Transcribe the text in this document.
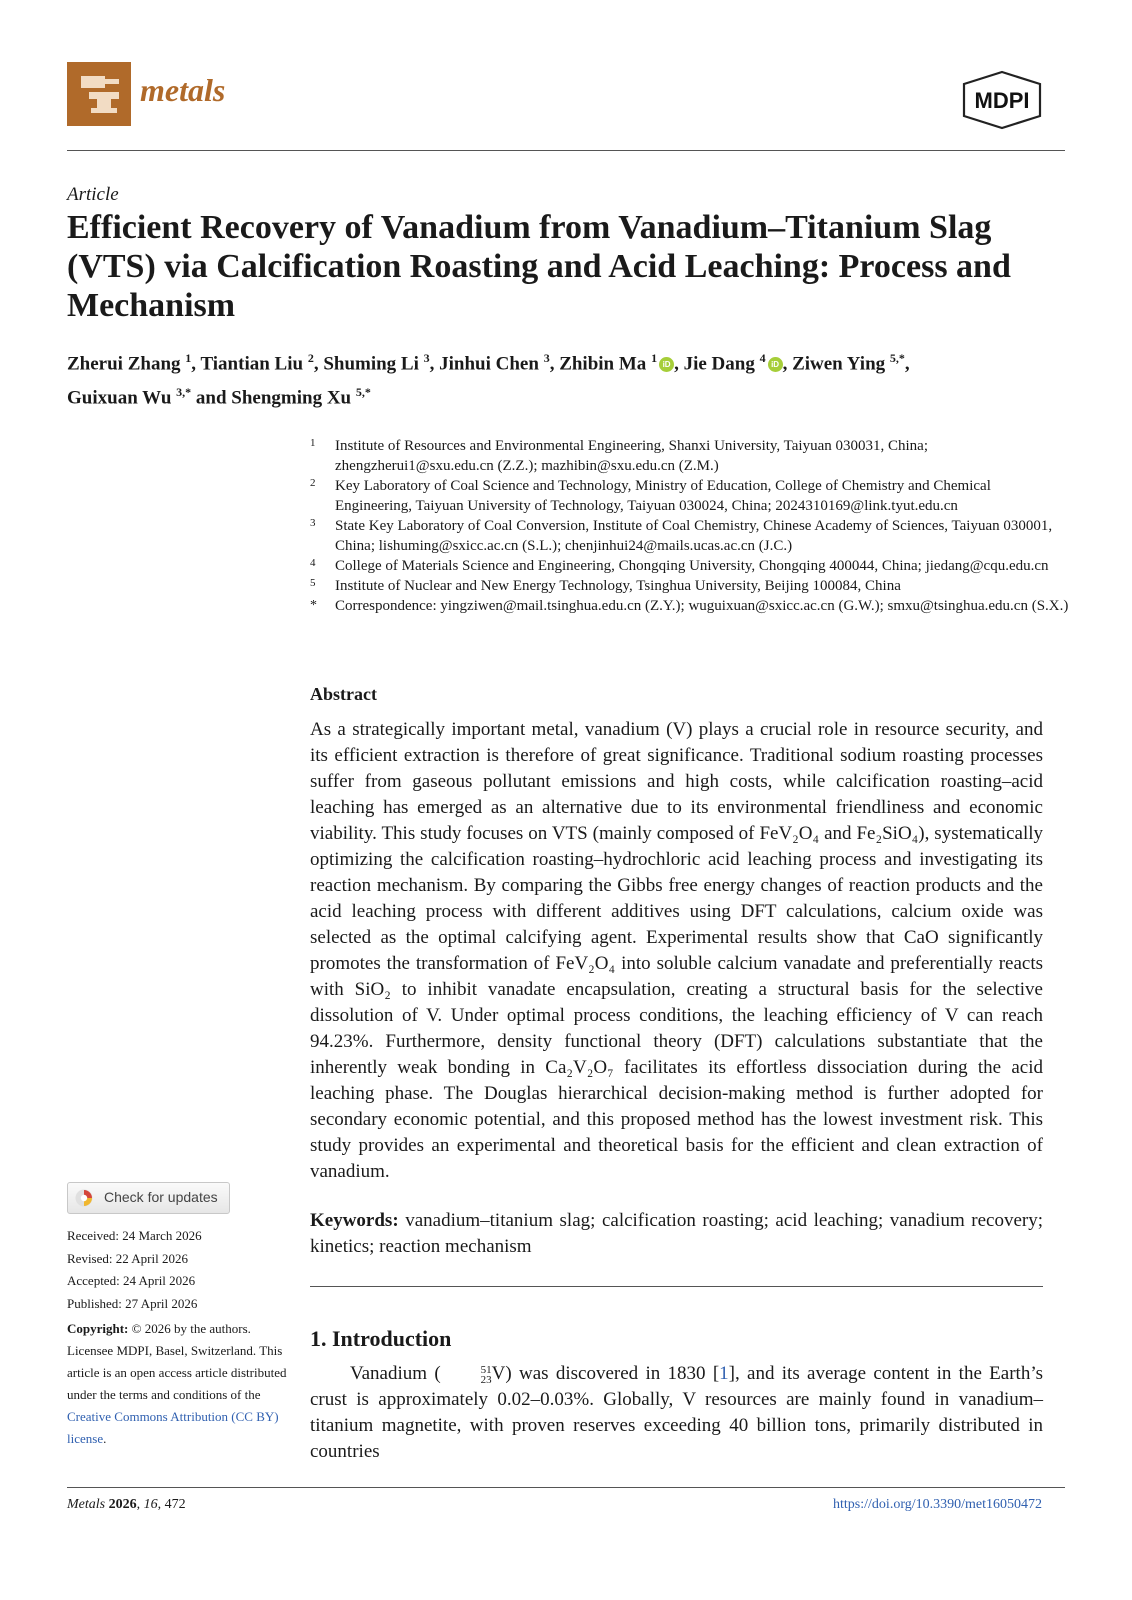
metals	MDPI
Article
Efficient Recovery of Vanadium from Vanadium–Titanium Slag (VTS) via Calcification Roasting and Acid Leaching: Process and Mechanism
Zherui Zhang $^1$, Tiantian Liu $^2$, Shuming Li $^3$, Jinhui Chen $^3$, Zhibin Ma $^1$ iD , Jie Dang $^4$ iD , Ziwen Ying $^{5,*}$,
Guixuan Wu $^{3,*}$ and Shengming Xu $^{5,*}$
1 Institute of Resources and Environmental Engineering, Shanxi University, Taiyuan 030031, China; zhengzherui1@sxu.edu.cn (Z.Z.); mazhibin@sxu.edu.cn (Z.M.)
2 Key Laboratory of Coal Science and Technology, Ministry of Education, College of Chemistry and Chemical Engineering, Taiyuan University of Technology, Taiyuan 030024, China; 2024310169@link.tyut.edu.cn
3 State Key Laboratory of Coal Conversion, Institute of Coal Chemistry, Chinese Academy of Sciences, Taiyuan 030001, China; lishuming@sxicc.ac.cn (S.L.); chenjinhui24@mails.ucas.ac.cn (J.C.)
4 College of Materials Science and Engineering, Chongqing University, Chongqing 400044, China; jiedang@cqu.edu.cn
5 Institute of Nuclear and New Energy Technology, Tsinghua University, Beijing 100084, China
* Correspondence: yingziwen@mail.tsinghua.edu.cn (Z.Y.); wuguixuan@sxicc.ac.cn (G.W.); smxu@tsinghua.edu.cn (S.X.)
Abstract

As a strategically important metal, vanadium (V) plays a crucial role in resource security, and its efficient extraction is therefore of great significance. Traditional sodium roasting processes suffer from gaseous pollutant emissions and high costs, while calcification roasting–acid leaching has emerged as an alternative due to its environmental friendliness and economic viability. This study focuses on VTS (mainly composed of FeV₂O₄ and Fe₂SiO₄), systematically optimizing the calcification roasting–hydrochloric acid leaching process and investigating its reaction mechanism. By comparing the Gibbs free energy changes of reaction products and the acid leaching process with different additives using DFT calculations, calcium oxide was selected as the optimal calcifying agent. Experimental results show that CaO significantly promotes the transformation of FeV₂O₄ into soluble calcium vanadate and preferentially reacts with SiO₂ to inhibit vanadate encapsulation, creating a structural basis for the selective dissolution of V. Under optimal process conditions, the leaching efficiency of V can reach 94.23%. Furthermore, density functional theory (DFT) calculations substantiate that the inherently weak bonding in Ca₂V₂O₇ facilitates its effortless dissociation during the acid leaching phase. The Douglas hierarchical decision-making method is further adopted for secondary economic potential, and this proposed method has the lowest investment risk. This study provides an experimental and theoretical basis for the efficient and clean extraction of vanadium.

Keywords: vanadium–titanium slag; calcification roasting; acid leaching; vanadium recovery; kinetics; reaction mechanism

1. Introduction

Vanadium (	51
23 V) was discovered in 1830 [1], and its average content in the Earth’s crust is approximately 0.02–0.03%. Globally, V resources are mainly found in vanadium–titanium magnetite, with proven reserves exceeding 40 billion tons, primarily distributed in countries

Check for updates
Received: 24 March 2026
Revised: 22 April 2026
Accepted: 24 April 2026
Published: 27 April 2026
Copyright: © 2026 by the authors. Licensee MDPI, Basel, Switzerland. This article is an open access article distributed under the terms and conditions of the Creative Commons Attribution (CC BY) license.
Metals 2026, 16, 472	https://doi.org/10.3390/met16050472
